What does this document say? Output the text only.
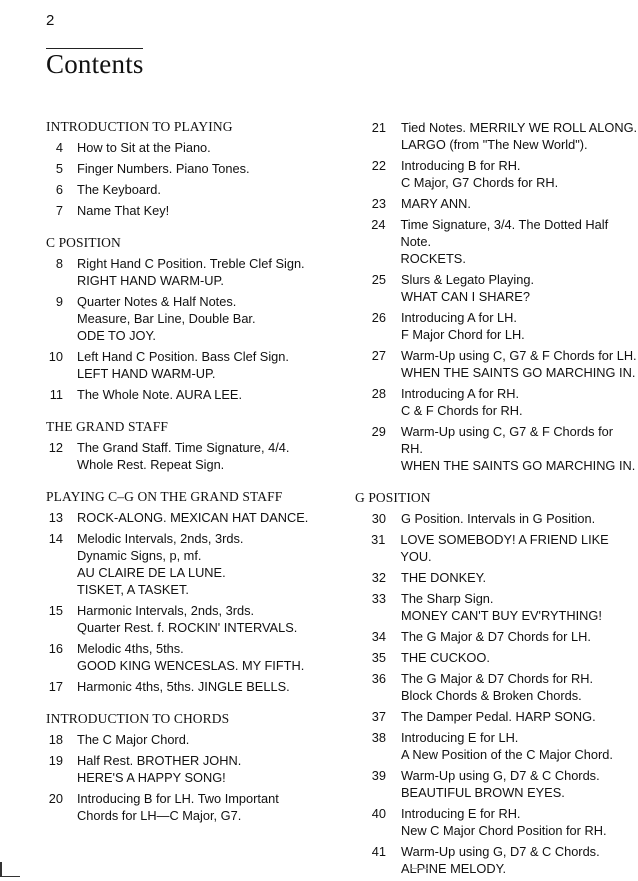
2
Contents
INTRODUCTION TO PLAYING
4 How to Sit at the Piano.
5 Finger Numbers. Piano Tones.
6 The Keyboard.
7 Name That Key!
C POSITION
8 Right Hand C Position. Treble Clef Sign.
RIGHT HAND WARM-UP.
9 Quarter Notes & Half Notes.
Measure, Bar Line, Double Bar.
ODE TO JOY.
10 Left Hand C Position. Bass Clef Sign.
LEFT HAND WARM-UP.
11 The Whole Note. AURA LEE.
THE GRAND STAFF
12 The Grand Staff. Time Signature, 4/4.
Whole Rest. Repeat Sign.
PLAYING C–G ON THE GRAND STAFF
13 ROCK-ALONG. MEXICAN HAT DANCE.
14 Melodic Intervals, 2nds, 3rds.
Dynamic Signs, p, mf.
AU CLAIRE DE LA LUNE.
TISKET, A TASKET.
15 Harmonic Intervals, 2nds, 3rds.
Quarter Rest. f. ROCKIN' INTERVALS.
16 Melodic 4ths, 5ths.
GOOD KING WENCESLAS. MY FIFTH.
17 Harmonic 4ths, 5ths. JINGLE BELLS.
INTRODUCTION TO CHORDS
18 The C Major Chord.
19 Half Rest. BROTHER JOHN.
HERE'S A HAPPY SONG!
20 Introducing B for LH. Two Important
Chords for LH—C Major, G7.
21 Tied Notes. MERRILY WE ROLL ALONG.
LARGO (from "The New World").
22 Introducing B for RH.
C Major, G7 Chords for RH.
23 MARY ANN.
24 Time Signature, 3/4. The Dotted Half Note.
ROCKETS.
25 Slurs & Legato Playing.
WHAT CAN I SHARE?
26 Introducing A for LH.
F Major Chord for LH.
27 Warm-Up using C, G7 & F Chords for LH.
WHEN THE SAINTS GO MARCHING IN.
28 Introducing A for RH.
C & F Chords for RH.
29 Warm-Up using C, G7 & F Chords for RH.
WHEN THE SAINTS GO MARCHING IN.
G POSITION
30 G Position. Intervals in G Position.
31 LOVE SOMEBODY! A FRIEND LIKE YOU.
32 THE DONKEY.
33 The Sharp Sign.
MONEY CAN'T BUY EV'RYTHING!
34 The G Major & D7 Chords for LH.
35 THE CUCKOO.
36 The G Major & D7 Chords for RH.
Block Chords & Broken Chords.
37 The Damper Pedal. HARP SONG.
38 Introducing E for LH.
A New Position of the C Major Chord.
39 Warm-Up using G, D7 & C Chords.
BEAUTIFUL BROWN EYES.
40 Introducing E for RH.
New C Major Chord Position for RH.
41 Warm-Up using G, D7 & C Chords.
ALPINE MELODY.
